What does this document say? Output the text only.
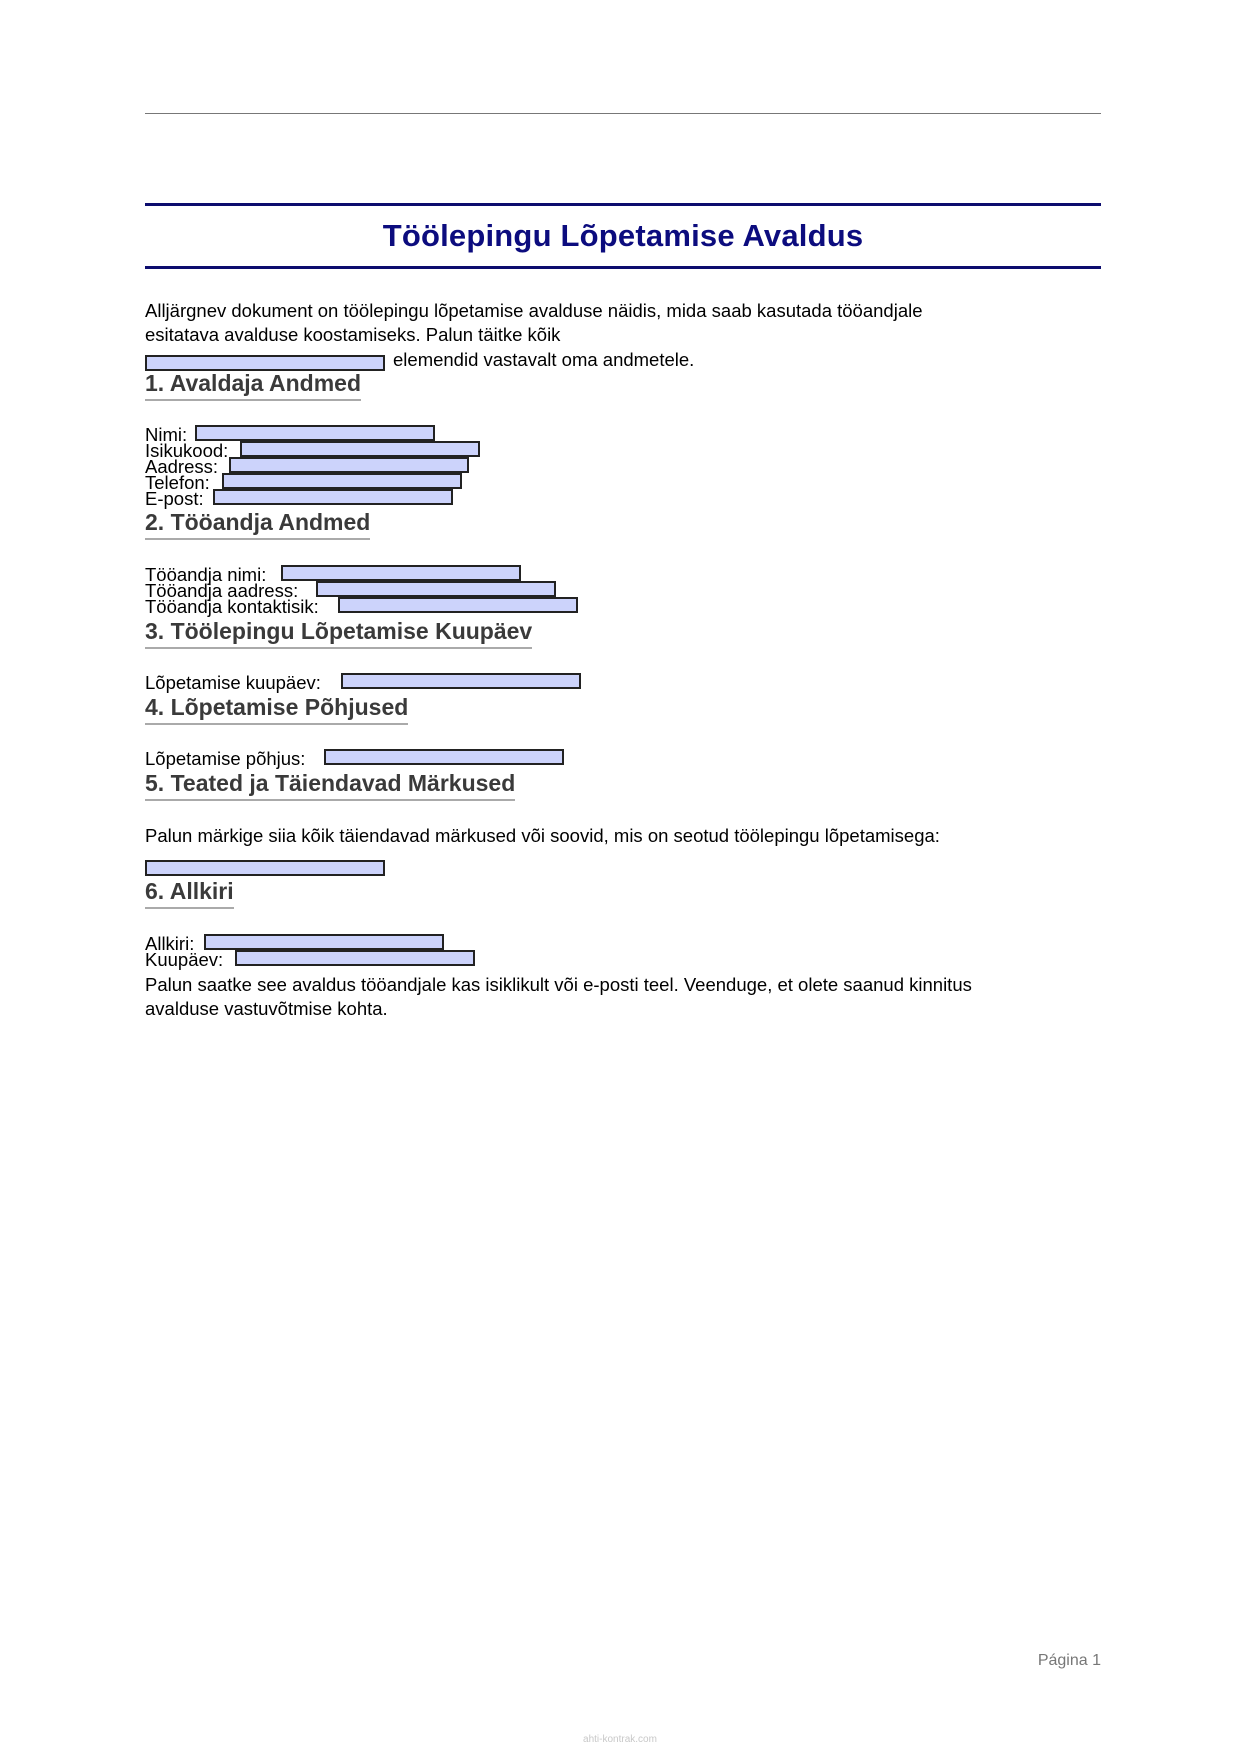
Töölepingu Lõpetamise Avaldus
Alljärgnev dokument on töölepingu lõpetamise avalduse näidis, mida saab kasutada tööandjale
esitatava avalduse koostamiseks. Palun täitke kõik
elemendid vastavalt oma andmetele.
1. Avaldaja Andmed
Nimi:
Isikukood:
Aadress:
Telefon:
E-post:
2. Tööandja Andmed
Tööandja nimi:
Tööandja aadress:
Tööandja kontaktisik:
3. Töölepingu Lõpetamise Kuupäev
Lõpetamise kuupäev:
4. Lõpetamise Põhjused
Lõpetamise põhjus:
5. Teated ja Täiendavad Märkused
Palun märkige siia kõik täiendavad märkused või soovid, mis on seotud töölepingu lõpetamisega:
6. Allkiri
Allkiri:
Kuupäev:
Palun saatke see avaldus tööandjale kas isiklikult või e-posti teel. Veenduge, et olete saanud kinnitus
avalduse vastuvõtmise kohta.
Página 1
ahti-kontrak.com
